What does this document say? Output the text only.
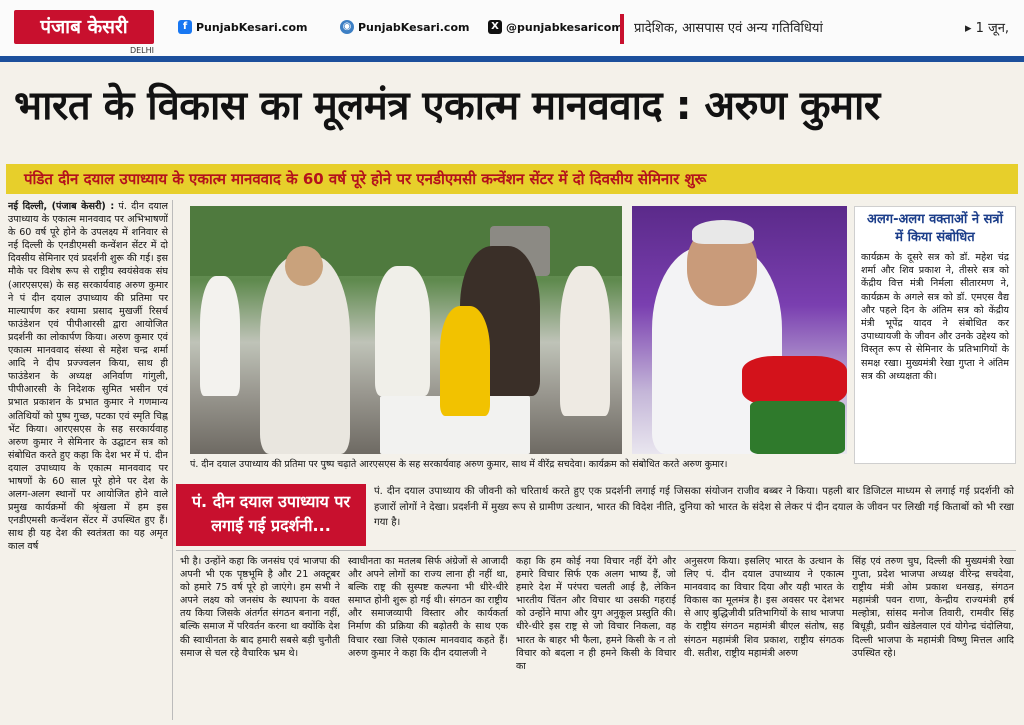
पंजाब केसरी
DELHI
f PunjabKesari.com	◉ PunjabKesari.com	X @punjabkesaricom प्रादेशिक, आसपास एवं अन्य गतिविधियां	▸ 1 जून,
भारत के विकास का मूलमंत्र एकात्म मानववाद : अरुण कुमार
पंडित दीन दयाल उपाध्याय के एकात्म मानववाद के 60 वर्ष पूरे होने पर एनडीएमसी कन्वेंशन सेंटर में दो दिवसीय सेमिनार शुरू
नई दिल्ली, (पंजाब केसरी) : पं. दीन दयाल उपाध्याय के एकात्म मानववाद पर अभिभाषणों के 60 वर्ष पूरे होने के उपलक्ष्य में शनिवार से नई दिल्ली के एनडीएमसी कन्वेंशन सेंटर में दो दिवसीय सेमिनार एवं प्रदर्शनी शुरू की गई। इस मौके पर विशेष रूप से राष्ट्रीय स्वयंसेवक संघ (आरएसएस) के सह सरकार्यवाह अरुण कुमार ने पं दीन दयाल उपाध्याय की प्रतिमा पर माल्यार्पण कर श्यामा प्रसाद मुखर्जी रिसर्च फाउंडेशन एवं पीपीआरसी द्वारा आयोजित प्रदर्शनी का लोकार्पण किया। अरुण कुमार एवं एकात्म मानववाद संस्था से महेश चन्द्र शर्मा आदि ने दीप प्रज्ज्वलन किया, साथ ही फाउंडेशन के अध्यक्ष अनिर्वाण गांगुली, पीपीआरसी के निदेशक सुमित भसीन एवं प्रभात प्रकाशन के प्रभात कुमार ने गणमान्य अतिथियों को पुष्प गुच्छ, पटका एवं स्मृति चिह्न भेंट किया। आरएसएस के सह सरकार्यवाह अरुण कुमार ने सेमिनार के उद्घाटन सत्र को संबोधित करते हुए कहा कि देश भर में पं. दीन दयाल उपाध्याय के एकात्म मानववाद पर भाषणों के 60 साल पूरे होने पर देश के अलग-अलग स्थानों पर आयोजित होने वाले प्रमुख कार्यक्रमों की श्रृंखला में हम इस एनडीएमसी कन्वेंशन सेंटर में उपस्थित हुए हैं। साथ ही यह देश की स्वतंत्रता का यह अमृत काल वर्ष
पं. दीन दयाल उपाध्याय की प्रतिमा पर पुष्प चढ़ाते आरएसएस के सह सरकार्यवाह अरुण कुमार, साथ में वीरेंद्र सचदेवा। कार्यक्रम को संबोधित करते अरुण कुमार।
अलग-अलग वक्ताओं ने सत्रों में किया संबोधित
कार्यक्रम के दूसरे सत्र को डॉ. महेश चंद्र शर्मा और शिव प्रकाश ने, तीसरे सत्र को केंद्रीय वित्त मंत्री निर्मला सीतारमण ने, कार्यक्रम के अगले सत्र को डॉ. एमएस वैद्य और पहले दिन के अंतिम सत्र को केंद्रीय मंत्री भूपेंद्र यादव ने संबोधित कर उपाध्यायजी के जीवन और उनके उद्देश्य को विस्तृत रूप से सेमिनार के प्रतिभागियों के समक्ष रखा। मुख्यमंत्री रेखा गुप्ता ने अंतिम सत्र की अध्यक्षता की।
पं. दीन दयाल उपाध्याय पर लगाई गई प्रदर्शनी...
पं. दीन दयाल उपाध्याय की जीवनी को चरितार्थ करते हुए एक प्रदर्शनी लगाई गई जिसका संयोजन राजीव बब्बर ने किया। पहली बार डिजिटल माध्यम से लगाई गई प्रदर्शनी को हजारों लोगों ने देखा। प्रदर्शनी में मुख्य रूप से ग्रामीण उत्थान, भारत की विदेश नीति, दुनिया को भारत के संदेश से लेकर पं दीन दयाल के जीवन पर लिखी गई किताबों को भी रखा गया है।
भी है। उन्होंने कहा कि जनसंघ एवं भाजपा की अपनी भी एक पृष्ठभूमि है और 21 अक्टूबर को हमारे 75 वर्ष पूरे हो जाएंगे। हम सभी ने अपने लक्ष्य को जनसंघ के स्थापना के वक्त तय किया जिसके अंतर्गत संगठन बनाना नहीं, बल्कि समाज में परिवर्तन करना था क्योंकि देश की स्वाधीनता के बाद हमारी सबसे बड़ी चुनौती समाज से चल रहे वैचारिक भ्रम थे।
स्वाधीनता का मतलब सिर्फ अंग्रेजों से आजादी और अपने लोगों का राज्य लाना ही नहीं था, बल्कि राष्ट्र की सुस्पष्ट कल्पना भी धीरे-धीरे समाप्त होनी शुरू हो गई थी। संगठन का राष्ट्रीय और समाजव्यापी विस्तार और कार्यकर्ता निर्माण की प्रक्रिया की बढ़ोतरी के साथ एक विचार रखा जिसे एकात्म मानववाद कहते हैं।अरुण कुमार ने कहा कि दीन दयालजी ने
कहा कि हम कोई नया विचार नहीं देंगे और हमारे विचार सिर्फ एक अलग भाष्य हैं, जो हमारे देश में परंपरा चलती आई है, लेकिन भारतीय चिंतन और विचार था उसकी गहराई को उन्होंने मापा और युग अनुकूल प्रस्तुति की। धीरे-धीरे इस राष्ट्र से जो विचार निकला, वह भारत के बाहर भी फैला, हमने किसी के न तो विचार को बदला न ही हमने किसी के विचार का
अनुसरण किया। इसलिए भारत के उत्थान के लिए पं. दीन दयाल उपाध्याय ने एकात्म मानववाद का विचार दिया और यही भारत के विकास का मूलमंत्र है। इस अवसर पर देशभर से आए बुद्धिजीवी प्रतिभागियों के साथ भाजपा के राष्ट्रीय संगठन महामंत्री बीएल संतोष, सह संगठन महामंत्री शिव प्रकाश, राष्ट्रीय संगठक वी. सतीश, राष्ट्रीय महामंत्री अरुण
सिंह एवं तरुण चुघ, दिल्ली की मुख्यमंत्री रेखा गुप्ता, प्रदेश भाजपा अध्यक्ष वीरेन्द्र सचदेवा, राष्ट्रीय मंत्री ओम प्रकाश धनखड़, संगठन महामंत्री पवन राणा, केन्द्रीय राज्यमंत्री हर्ष मल्होत्रा, सांसद मनोज तिवारी, रामवीर सिंह बिधूड़ी, प्रवीन खंडेलवाल एवं योगेन्द्र चंदोलिया, दिल्ली भाजपा के महामंत्री विष्णु मित्तल आदि उपस्थित रहे।
